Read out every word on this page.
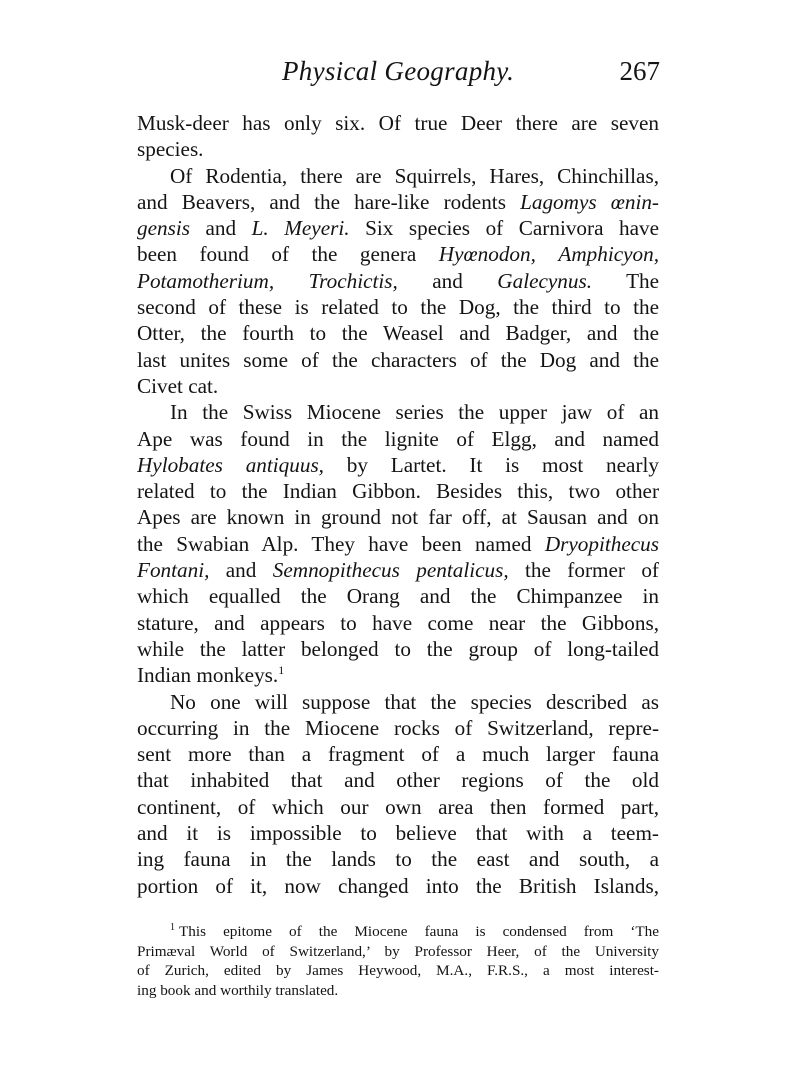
Physical Geography.	267
Musk-deer has only six. Of true Deer there are seven
species.
Of Rodentia, there are Squirrels, Hares, Chinchillas,
and Beavers, and the hare-like rodents Lagomys œnin-
gensis and L. Meyeri. Six species of Carnivora have
been found of the genera Hyœnodon, Amphicyon,
Potamotherium, Trochictis, and Galecynus. The
second of these is related to the Dog, the third to the
Otter, the fourth to the Weasel and Badger, and the
last unites some of the characters of the Dog and the
Civet cat.
In the Swiss Miocene series the upper jaw of an
Ape was found in the lignite of Elgg, and named
Hylobates antiquus, by Lartet. It is most nearly
related to the Indian Gibbon. Besides this, two other
Apes are known in ground not far off, at Sausan and on
the Swabian Alp. They have been named Dryopithecus
Fontani, and Semnopithecus pentalicus, the former of
which equalled the Orang and the Chimpanzee in
stature, and appears to have come near the Gibbons,
while the latter belonged to the group of long-tailed
Indian monkeys.$^1$
No one will suppose that the species described as
occurring in the Miocene rocks of Switzerland, repre-
sent more than a fragment of a much larger fauna
that inhabited that and other regions of the old
continent, of which our own area then formed part,
and it is impossible to believe that with a teem-
ing fauna in the lands to the east and south, a
portion of it, now changed into the British Islands,
$^1$ This epitome of the Miocene fauna is condensed from ‘The
Primæval World of Switzerland,’ by Professor Heer, of the University
of Zurich, edited by James Heywood, M.A., F.R.S., a most interest-
ing book and worthily translated.
